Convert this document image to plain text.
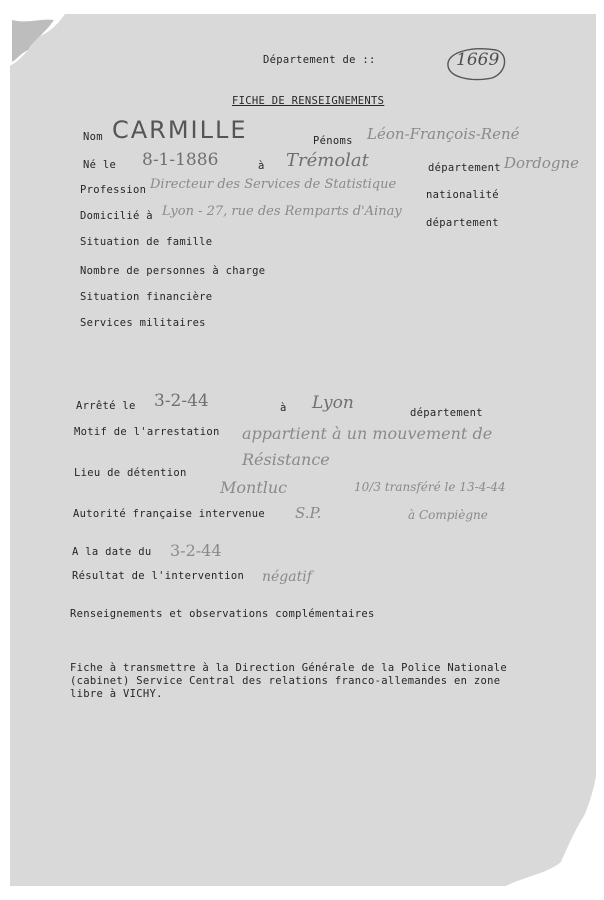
Département de ::	1669
FICHE DE RENSEIGNEMENTS
Nom CARMILLE	Pénoms Léon-François-René
Né le 8-1-1886	à Trémolat	département Dordogne
Profession Directeur des Services de Statistique
nationalité
Domicilié à Lyon - 27, rue des Remparts d'Ainay
département
Situation de famille
Nombre de personnes à charge
Situation financière
Services militaires
Arrêté le 3-2-44	à Lyon	département
Motif de l'arrestation appartient à un mouvement de
Résistance
Lieu de détention
Montluc	10/3 transféré le 13-4-44
à Compiègne
Autorité française intervenue S.P.
A la date du 3-2-44
Résultat de l'intervention négatif
Renseignements et observations complémentaires
Fiche à transmettre à la Direction Générale de la Police Nationale
(cabinet) Service Central des relations franco-allemandes en zone
libre à VICHY.
